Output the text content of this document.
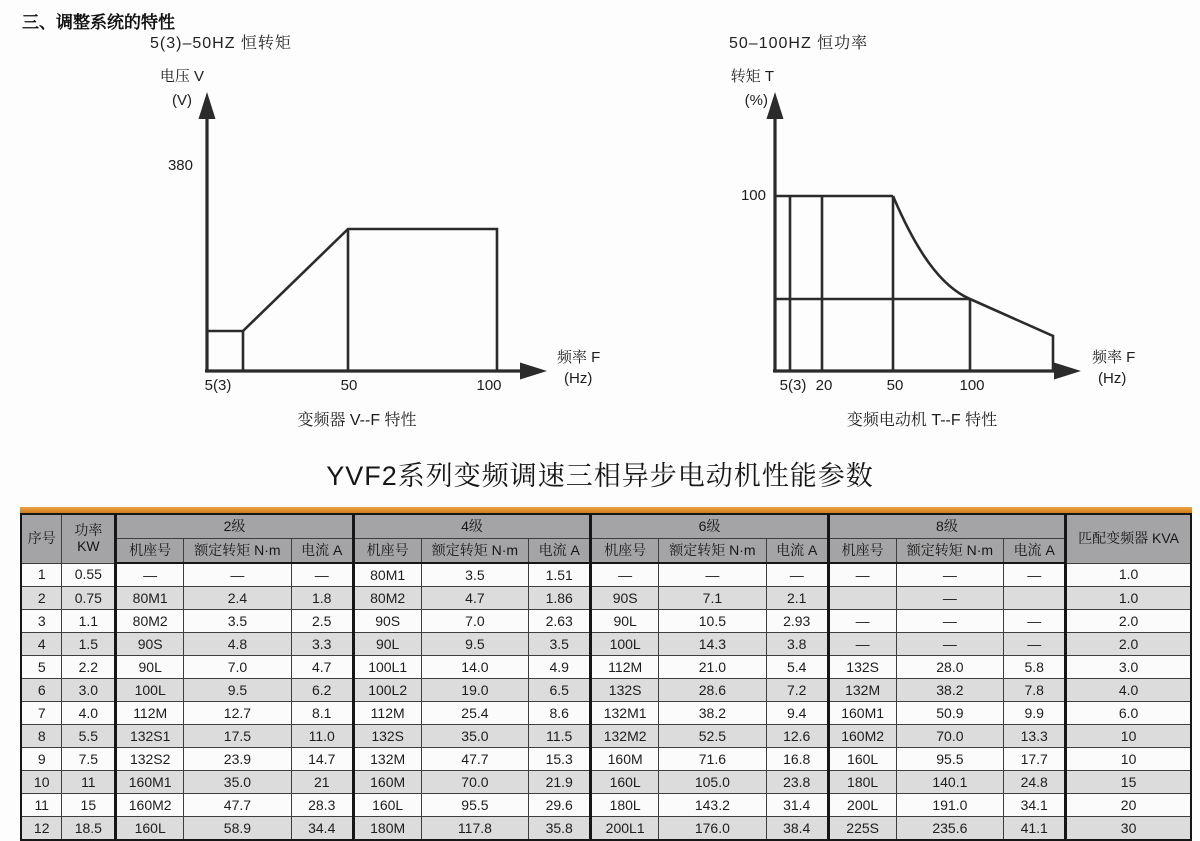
三、调整系统的特性
5(3)–50HZ 恒转矩
电压 V
(V)
380
5(3)	50	100
频率 F
(Hz)
变频器 V--F 特性
50–100HZ 恒功率
转矩 T
(%)
100
5(3) 20	50	100
频率 F
(Hz)
变频电动机 T--F 特性
YVF2系列变频调速三相异步电动机性能参数
序号	功率
KW	2级			4级			6级			8级			匹配变频器 KVA
		机座号	额定转矩 N·m	电流 A	机座号	额定转矩 N·m	电流 A	机座号	额定转矩 N·m	电流 A	机座号	额定转矩 N·m	电流 A	
1	0.55	—	—	—	80M1	3.5	1.51	—	—	—	—	—	—	1.0
2	0.75	80M1	2.4	1.8	80M2	4.7	1.86	90S	7.1	2.1		—		1.0
3	1.1	80M2	3.5	2.5	90S	7.0	2.63	90L	10.5	2.93	—	—	—	2.0
4	1.5	90S	4.8	3.3	90L	9.5	3.5	100L	14.3	3.8	—	—	—	2.0
5	2.2	90L	7.0	4.7	100L1	14.0	4.9	112M	21.0	5.4	132S	28.0	5.8	3.0
6	3.0	100L	9.5	6.2	100L2	19.0	6.5	132S	28.6	7.2	132M	38.2	7.8	4.0
7	4.0	112M	12.7	8.1	112M	25.4	8.6	132M1	38.2	9.4	160M1	50.9	9.9	6.0
8	5.5	132S1	17.5	11.0	132S	35.0	11.5	132M2	52.5	12.6	160M2	70.0	13.3	10
9	7.5	132S2	23.9	14.7	132M	47.7	15.3	160M	71.6	16.8	160L	95.5	17.7	10
10	11	160M1	35.0	21	160M	70.0	21.9	160L	105.0	23.8	180L	140.1	24.8	15
11	15	160M2	47.7	28.3	160L	95.5	29.6	180L	143.2	31.4	200L	191.0	34.1	20
12	18.5	160L	58.9	34.4	180M	117.8	35.8	200L1	176.0	38.4	225S	235.6	41.1	30
